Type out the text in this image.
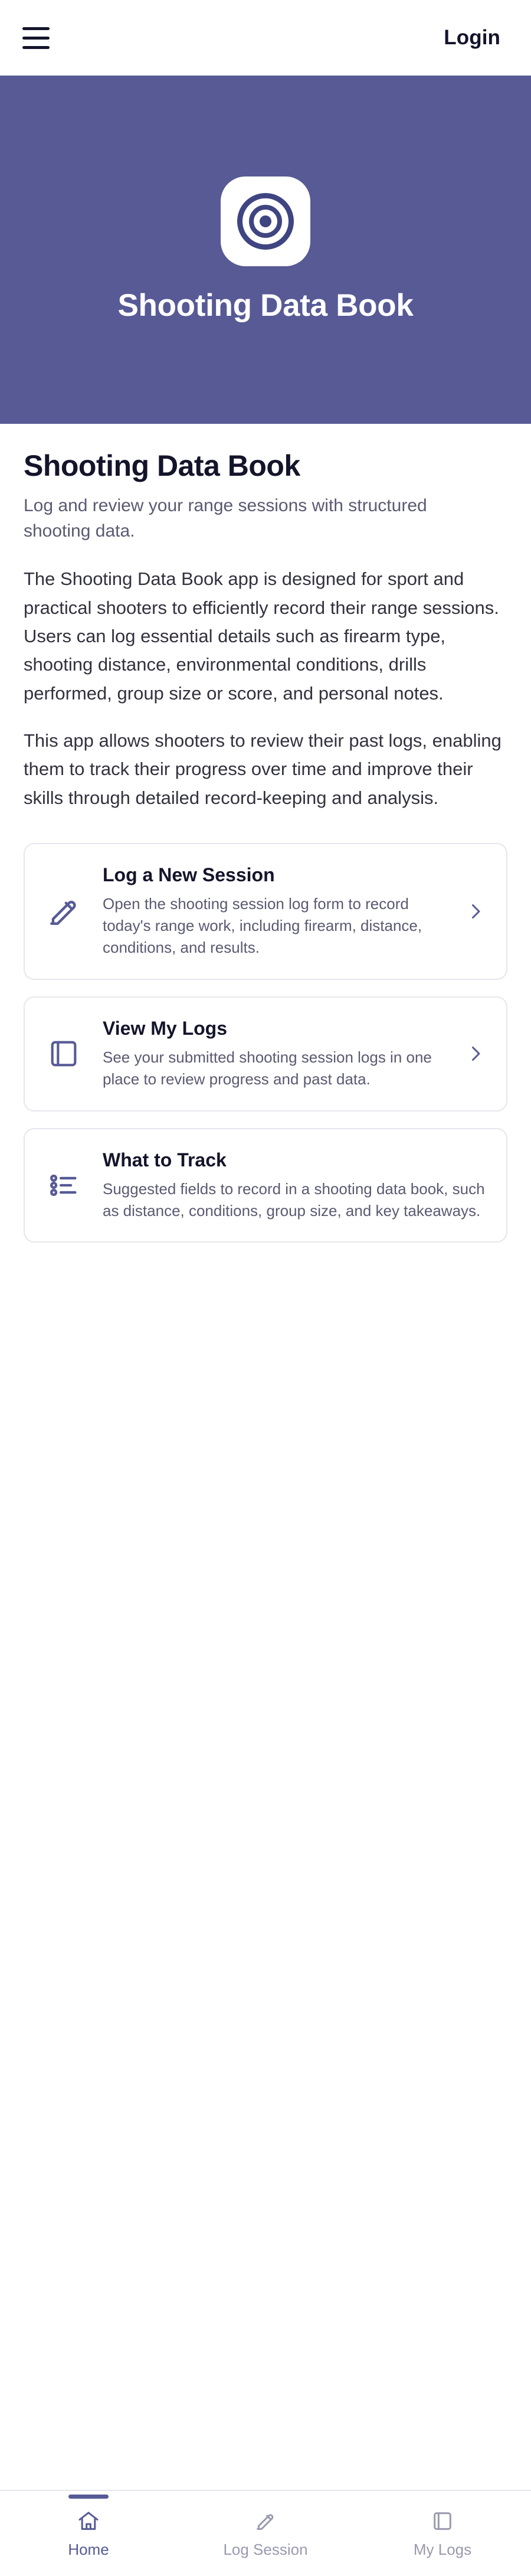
Login
Shooting Data Book
Shooting Data Book

Log and review your range sessions with structured shooting data.

The Shooting Data Book app is designed for sport and practical shooters to efficiently record their range sessions. Users can log essential details such as firearm type, shooting distance, environmental conditions, drills performed, group size or score, and personal notes.

This app allows shooters to review their past logs, enabling them to track their progress over time and improve their skills through detailed record-keeping and analysis.

Log a New Session
Open the shooting session log form to record today's range work, including firearm, distance, conditions, and results.
View My Logs
See your submitted shooting session logs in one place to review progress and past data.
What to Track
Suggested fields to record in a shooting data book, such as distance, conditions, group size, and key takeaways.
Home	Log Session	My Logs
